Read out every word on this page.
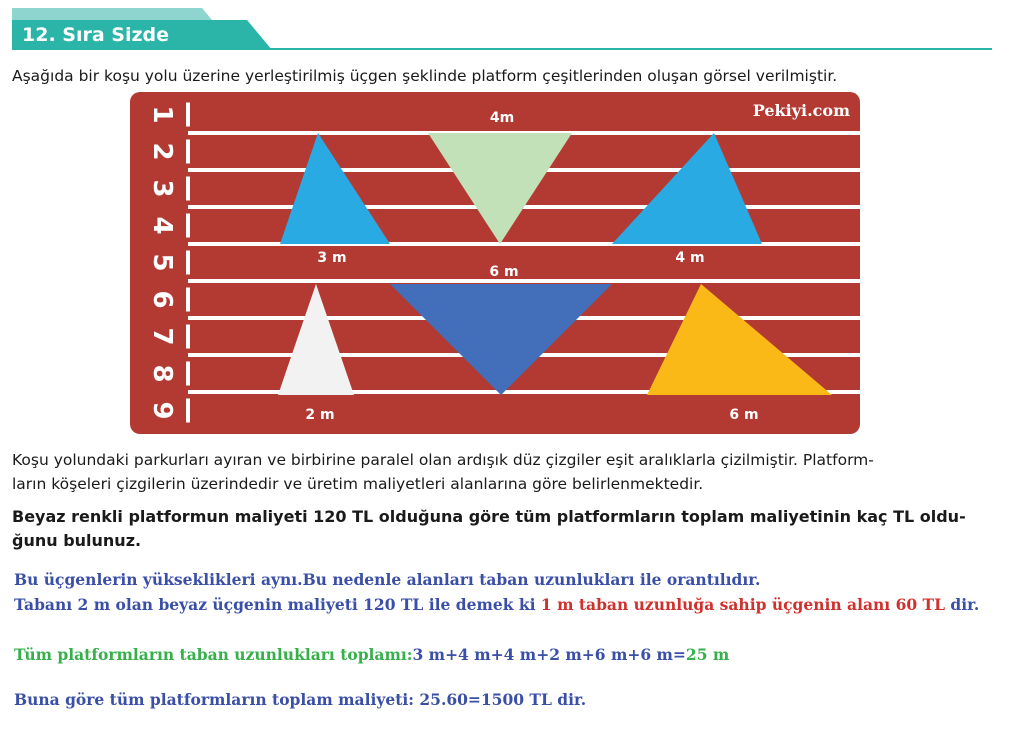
12. Sıra Sizde
Aşağıda bir koşu yolu üzerine yerleştirilmiş üçgen şeklinde platform çeşitlerinden oluşan görsel verilmiştir.
1
2
3
4
5
6
7
8
9
Pekiyi.com
4m
3 m
6 m
4 m
2 m	6 m
Koşu yolundaki parkurları ayıran ve birbirine paralel olan ardışık düz çizgiler eşit aralıklarla çizilmiştir. Platform-
ların köşeleri çizgilerin üzerindedir ve üretim maliyetleri alanlarına göre belirlenmektedir.
Beyaz renkli platformun maliyeti 120 TL olduğuna göre tüm platformların toplam maliyetinin kaç TL oldu-
ğunu bulunuz.
Bu üçgenlerin yükseklikleri aynı.Bu nedenle alanları taban uzunlukları ile orantılıdır.
Tabanı 2 m olan beyaz üçgenin maliyeti 120 TL ile demek ki 1 m taban uzunluğa sahip üçgenin alanı 60 TL dir.
Tüm platformların taban uzunlukları toplamı:3 m+4 m+4 m+2 m+6 m+6 m=25 m
Buna göre tüm platformların toplam maliyeti: 25.60=1500 TL dir.
